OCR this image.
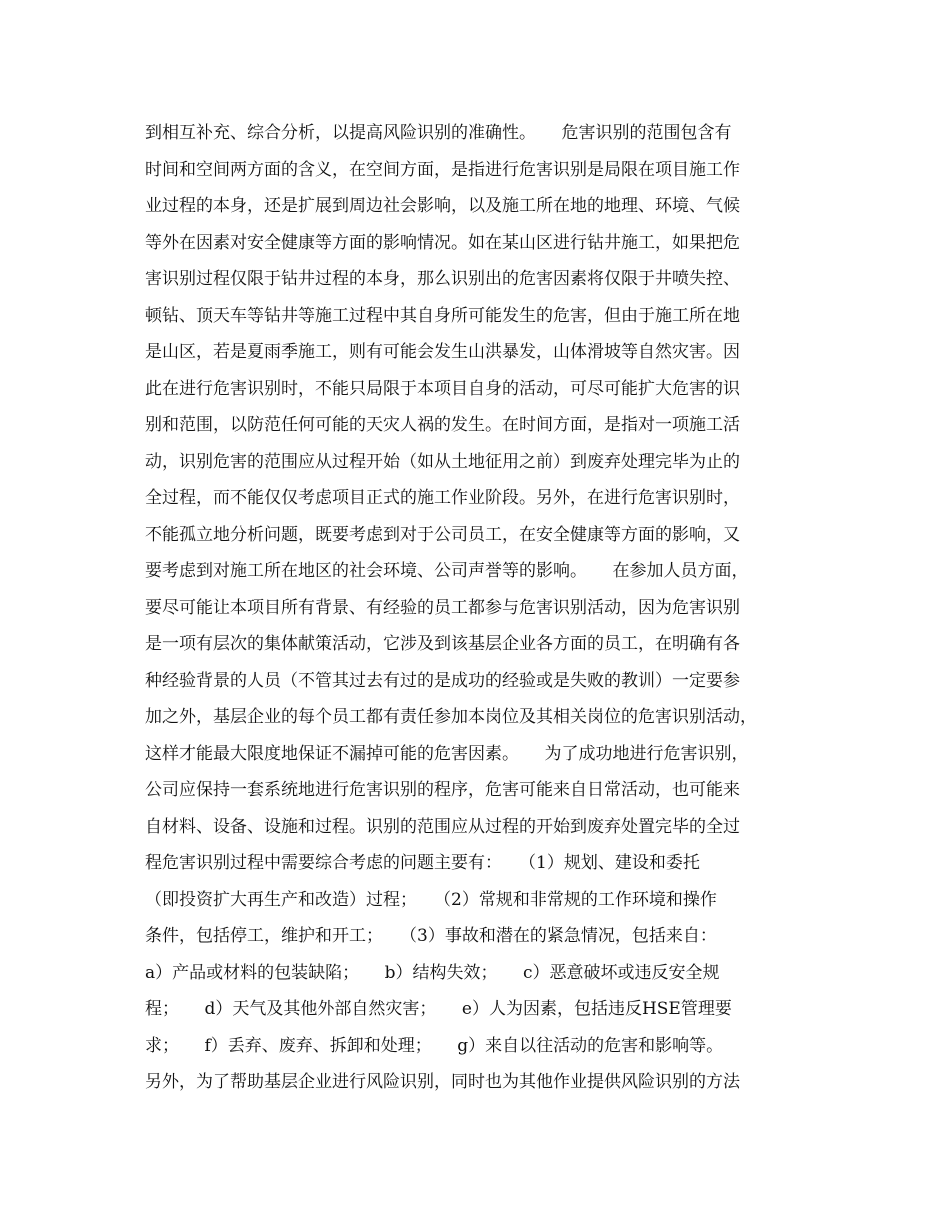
到相互补充、综合分析，以提高风险识别的准确性。　　危害识别的范围包含有
时间和空间两方面的含义，在空间方面，是指进行危害识别是局限在项目施工作
业过程的本身，还是扩展到周边社会影响，以及施工所在地的地理、环境、气候
等外在因素对安全健康等方面的影响情况。如在某山区进行钻井施工，如果把危
害识别过程仅限于钻井过程的本身，那么识别出的危害因素将仅限于井喷失控、
顿钻、顶天车等钻井等施工过程中其自身所可能发生的危害，但由于施工所在地
是山区，若是夏雨季施工，则有可能会发生山洪暴发，山体滑坡等自然灾害。因
此在进行危害识别时，不能只局限于本项目自身的活动，可尽可能扩大危害的识
别和范围，以防范任何可能的天灾人祸的发生。在时间方面，是指对一项施工活
动，识别危害的范围应从过程开始（如从土地征用之前）到废弃处理完毕为止的
全过程，而不能仅仅考虑项目正式的施工作业阶段。另外，在进行危害识别时，
不能孤立地分析问题，既要考虑到对于公司员工，在安全健康等方面的影响，又
要考虑到对施工所在地区的社会环境、公司声誉等的影响。　　在参加人员方面，
要尽可能让本项目所有背景、有经验的员工都参与危害识别活动，因为危害识别
是一项有层次的集体献策活动，它涉及到该基层企业各方面的员工，在明确有各
种经验背景的人员（不管其过去有过的是成功的经验或是失败的教训）一定要参
加之外，基层企业的每个员工都有责任参加本岗位及其相关岗位的危害识别活动，
这样才能最大限度地保证不漏掉可能的危害因素。　　为了成功地进行危害识别，
公司应保持一套系统地进行危害识别的程序，危害可能来自日常活动，也可能来
自材料、设备、设施和过程。识别的范围应从过程的开始到废弃处置完毕的全过
程危害识别过程中需要综合考虑的问题主要有：　　（1）规划、建设和委托
（即投资扩大再生产和改造）过程；　　（2）常规和非常规的工作环境和操作
条件，包括停工，维护和开工；　　（3）事故和潜在的紧急情况，包括来自：
a）产品或材料的包装缺陷；　　b）结构失效；　　c）恶意破坏或违反安全规
程；　　d）天气及其他外部自然灾害；　　e）人为因素，包括违反HSE管理要
求；　　f）丢弃、废弃、拆卸和处理；　　g）来自以往活动的危害和影响等。
另外，为了帮助基层企业进行风险识别，同时也为其他作业提供风险识别的方法
